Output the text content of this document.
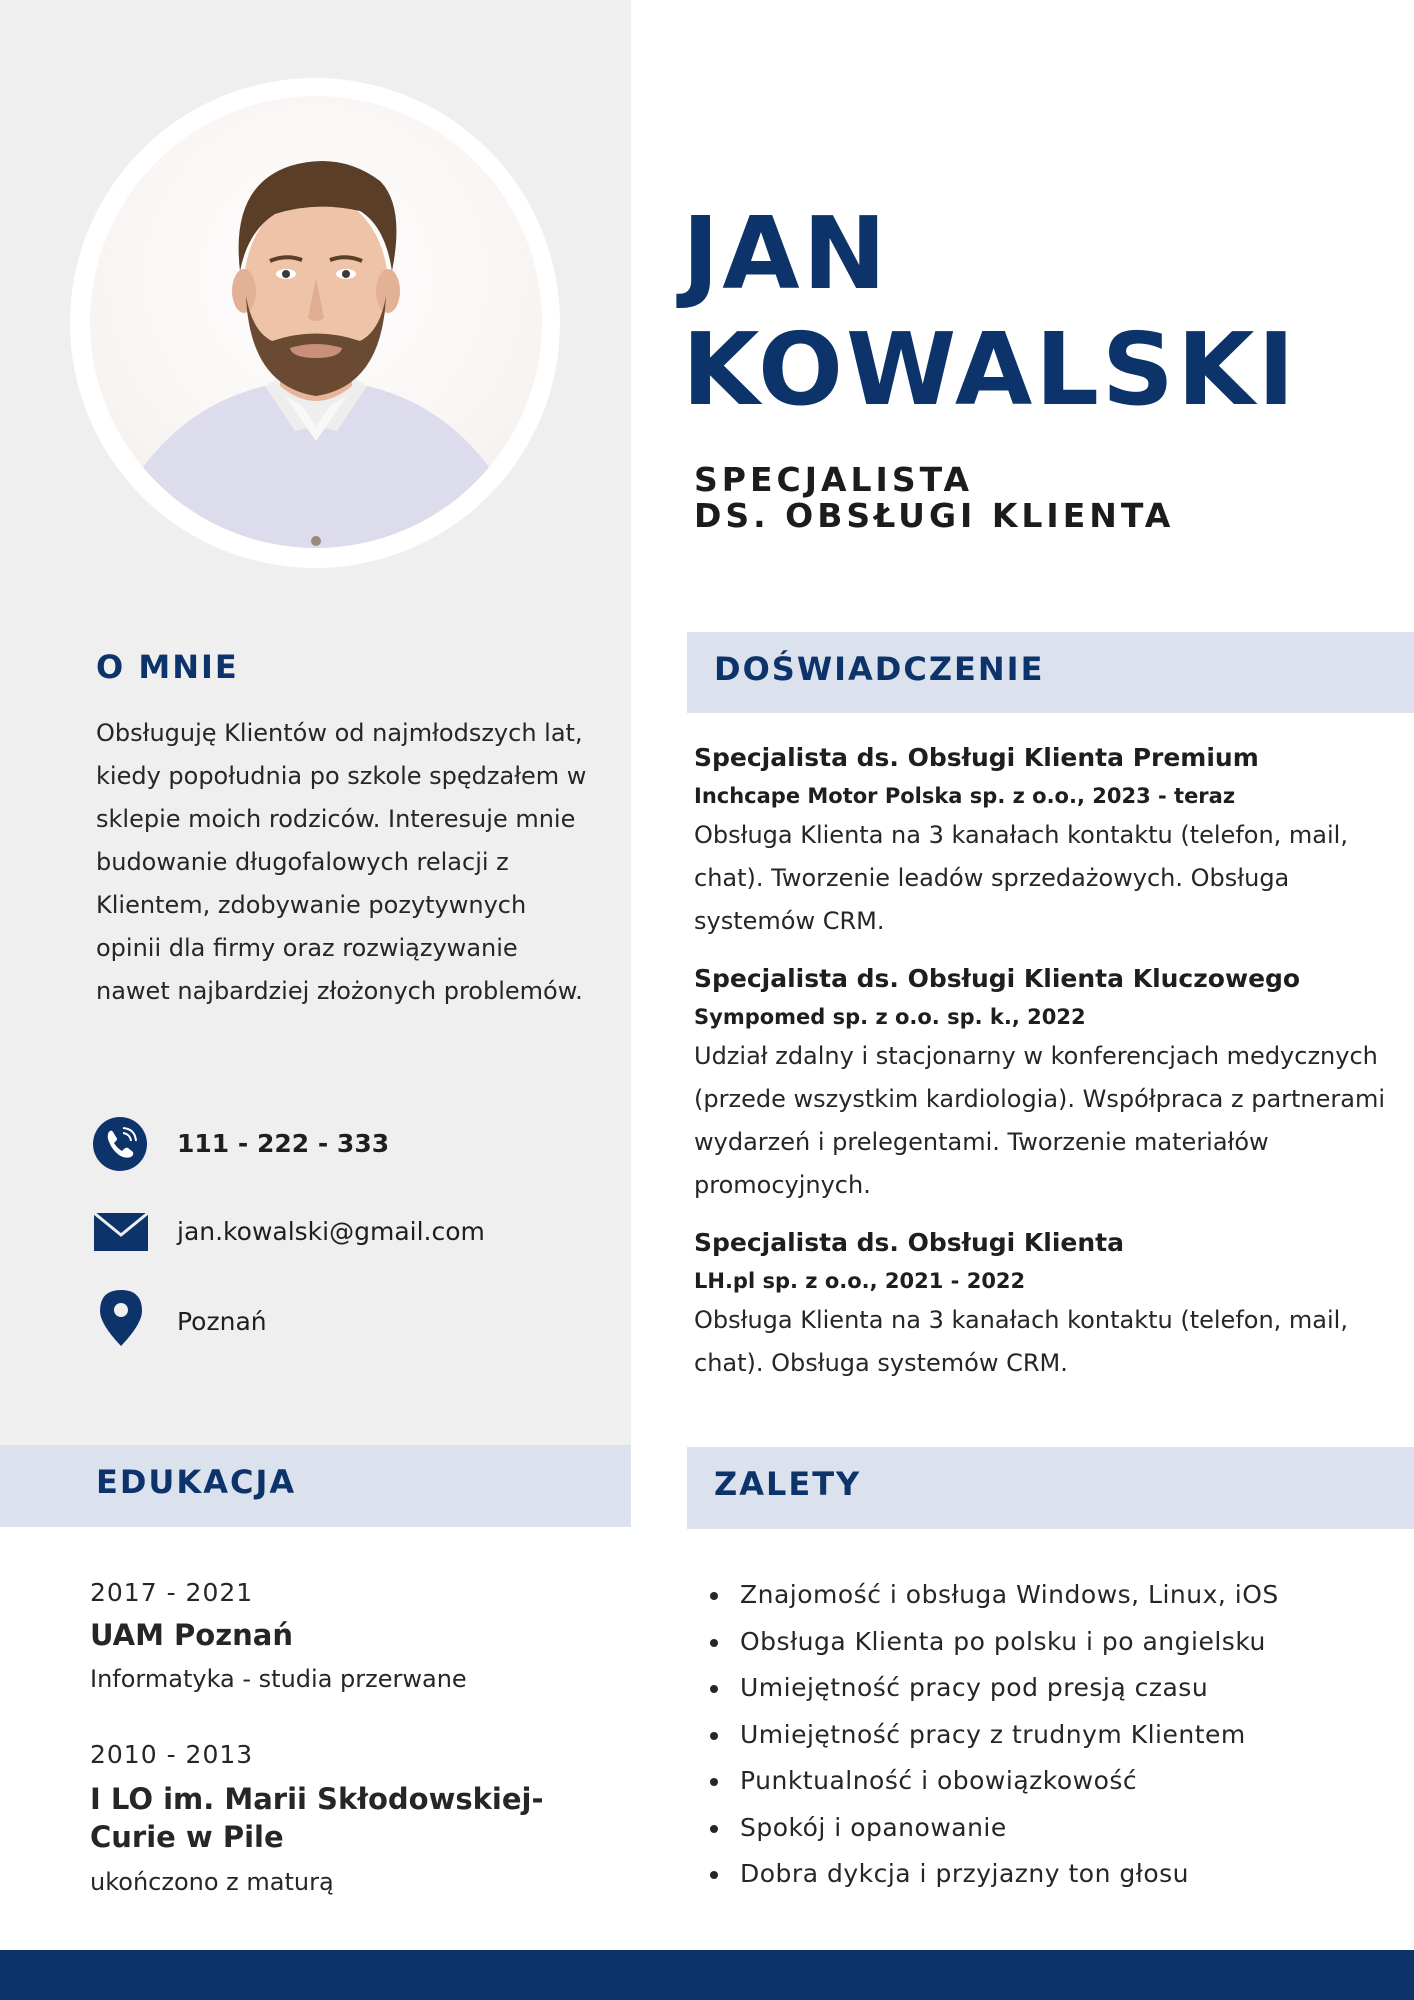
JAN
KOWALSKI
SPECJALISTA
DS. OBSŁUGI KLIENTA
O MNIE
Obsługuję Klientów od najmłodszych lat, kiedy popołudnia po szkole spędzałem w sklepie moich rodziców. Interesuje mnie budowanie długofalowych relacji z Klientem, zdobywanie pozytywnych opinii dla firmy oraz rozwiązywanie nawet najbardziej złożonych problemów.
111 - 222 - 333
jan.kowalski@gmail.com
Poznań
DOŚWIADCZENIE
Specjalista ds. Obsługi Klienta Premium
Inchcape Motor Polska sp. z o.o., 2023 - teraz
Obsługa Klienta na 3 kanałach kontaktu (telefon, mail, chat). Tworzenie leadów sprzedażowych. Obsługa systemów CRM.
Specjalista ds. Obsługi Klienta Kluczowego
Sympomed sp. z o.o. sp. k., 2022
Udział zdalny i stacjonarny w konferencjach medycznych (przede wszystkim kardiologia). Współpraca z partnerami wydarzeń i prelegentami. Tworzenie materiałów promocyjnych.
Specjalista ds. Obsługi Klienta
LH.pl sp. z o.o., 2021 - 2022
Obsługa Klienta na 3 kanałach kontaktu (telefon, mail, chat). Obsługa systemów CRM.
EDUKACJA
2017 - 2021
UAM Poznań
Informatyka - studia przerwane
2010 - 2013
I LO im. Marii Skłodowskiej-
Curie w Pile
ukończono z maturą
ZALETY
Znajomość i obsługa Windows, Linux, iOS
Obsługa Klienta po polsku i po angielsku
Umiejętność pracy pod presją czasu
Umiejętność pracy z trudnym Klientem
Punktualność i obowiązkowość
Spokój i opanowanie
Dobra dykcja i przyjazny ton głosu
